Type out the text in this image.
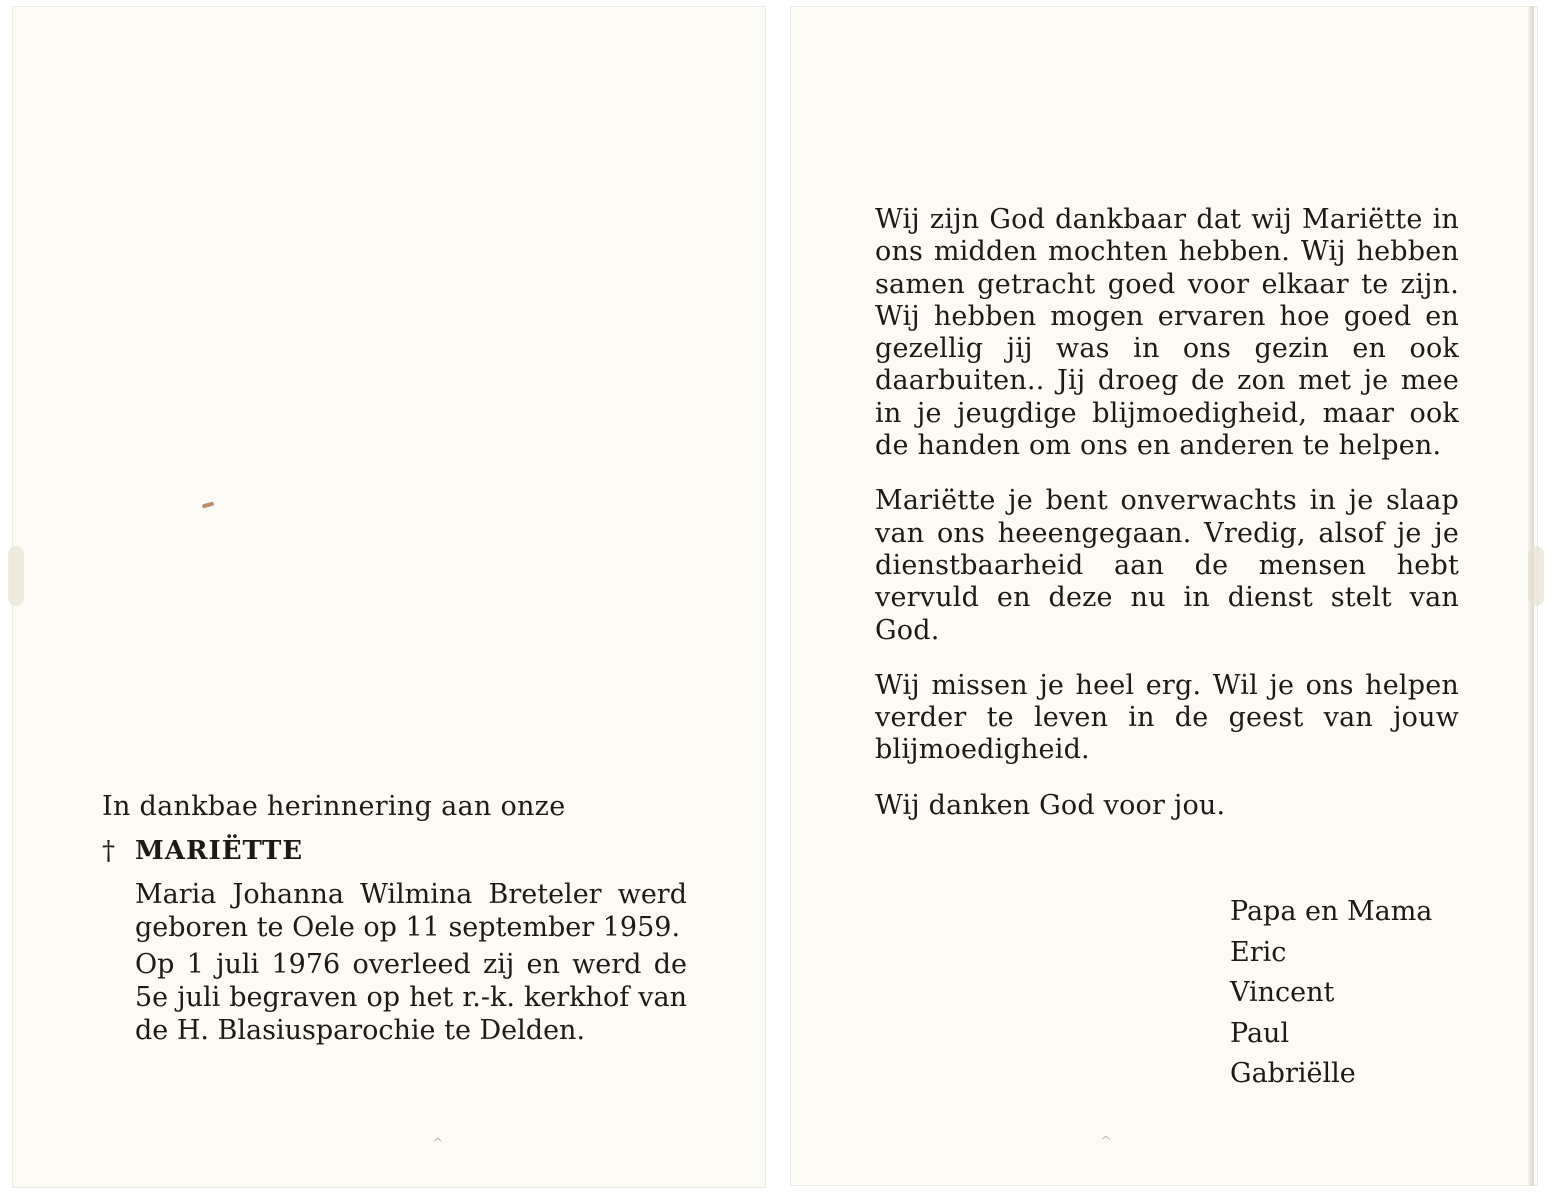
^
In dankbae herinnering aan onze
† MARIËTTE

Maria Johanna Wilmina Breteler werd geboren te Oele op 11 september 1959.

Op 1 juli 1976 overleed zij en werd de 5e juli begraven op het r.-k. kerkhof van de H. Blasiusparochie te Delden.

^

Wij zijn God dankbaar dat wij Mariëtte in ons midden mochten hebben. Wij hebben samen getracht goed voor elkaar te zijn. Wij hebben mogen ervaren hoe goed en gezellig jij was in ons gezin en ook daarbuiten.. Jij droeg de zon met je mee in je jeugdige blijmoedigheid, maar ook de handen om ons en anderen te helpen.

Mariëtte je bent onverwachts in je slaap van ons heeengegaan. Vredig, alsof je je dienstbaarheid aan de mensen hebt vervuld en deze nu in dienst stelt van God.

Wij missen je heel erg. Wil je ons helpen verder te leven in de geest van jouw blijmoedigheid.

Wij danken God voor jou.

Papa en Mama
Eric
Vincent
Paul
Gabriëlle
